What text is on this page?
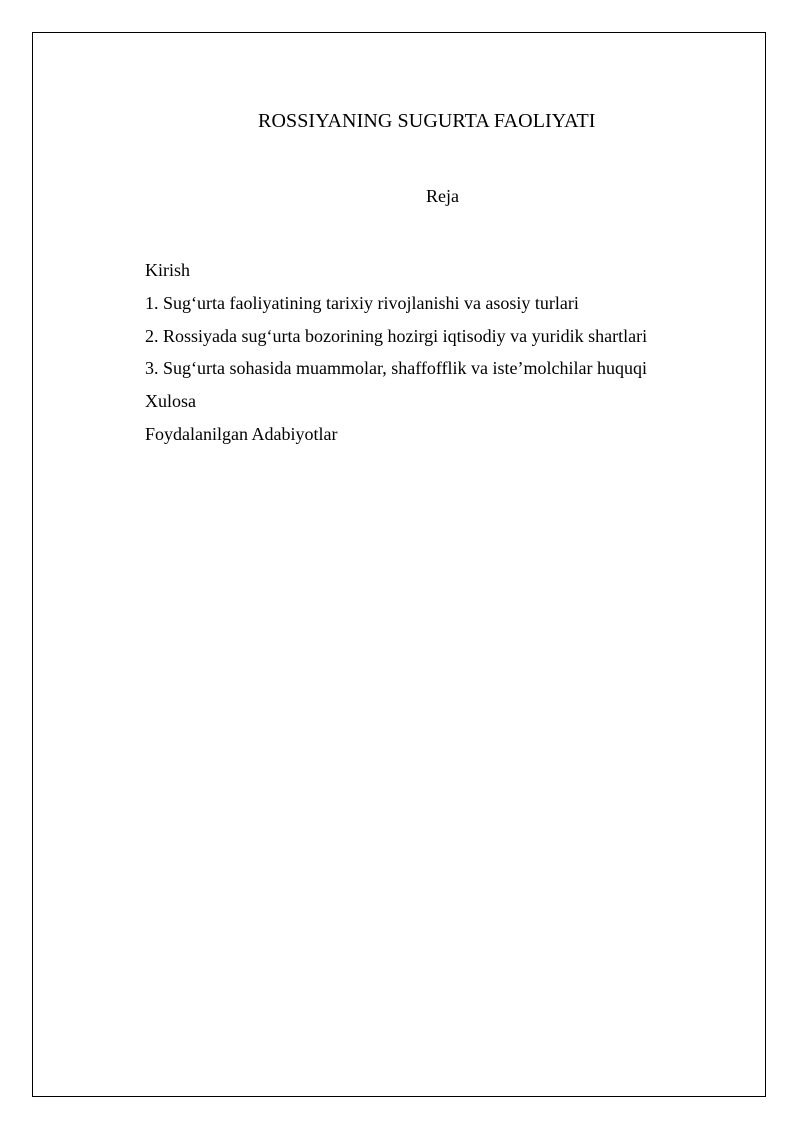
ROSSIYANING SUGURTA FAOLIYATI
Reja
Kirish
1. Sug‘urta faoliyatining tarixiy rivojlanishi va asosiy turlari
2. Rossiyada sug‘urta bozorining hozirgi iqtisodiy va yuridik shartlari
3. Sug‘urta sohasida muammolar, shaffofflik va iste’molchilar huquqi
Xulosa
Foydalanilgan Adabiyotlar
